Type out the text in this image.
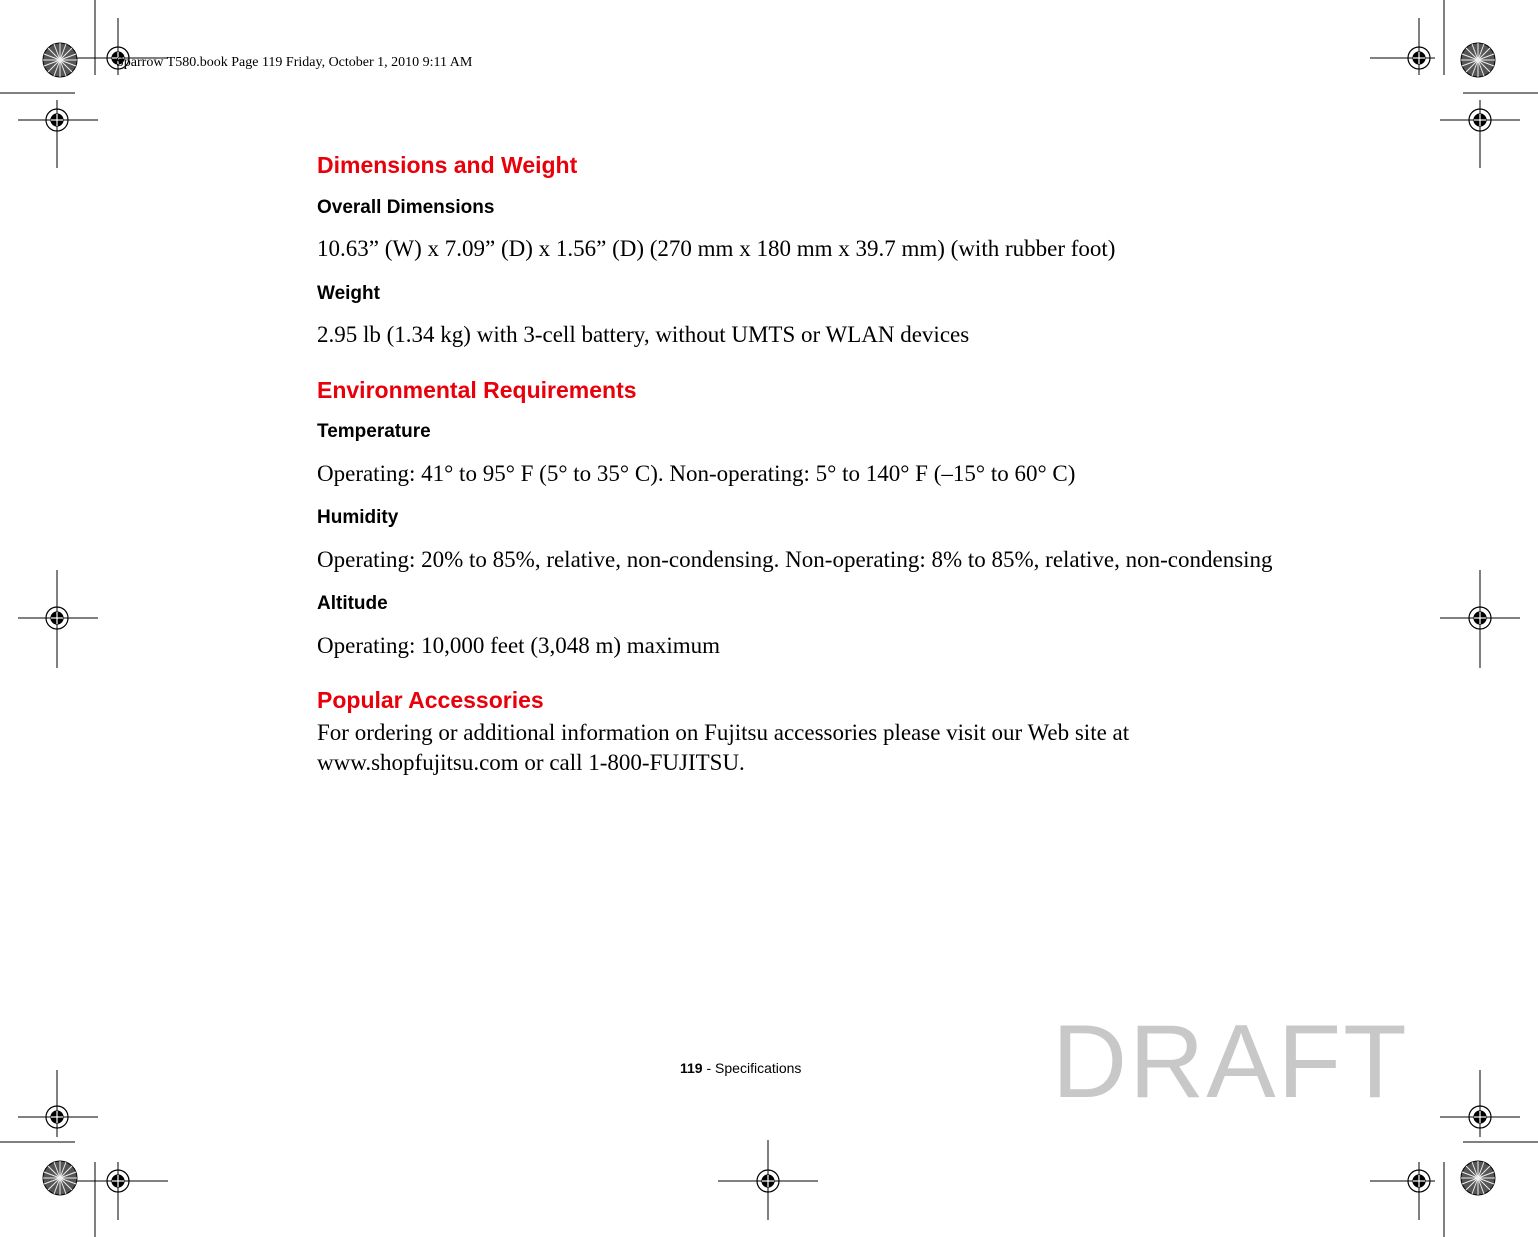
Sparrow T580.book Page 119 Friday, October 1, 2010 9:11 AM
Dimensions and Weight
Overall Dimensions

10.63” (W) x 7.09” (D) x 1.56” (D) (270 mm x 180 mm x 39.7 mm) (with rubber foot)

Weight

2.95 lb (1.34 kg) with 3-cell battery, without UMTS or WLAN devices

Environmental Requirements
Temperature

Operating: 41° to 95° F (5° to 35° C). Non-operating: 5° to 140° F (–15° to 60° C)

Humidity

Operating: 20% to 85%, relative, non-condensing. Non-operating: 8% to 85%, relative, non-condensing

Altitude

Operating: 10,000 feet (3,048 m) maximum

Popular Accessories

For ordering or additional information on Fujitsu accessories please visit our Web site at

www.shopfujitsu.com or call 1-800-FUJITSU.

119 - Specifications DRAFT
